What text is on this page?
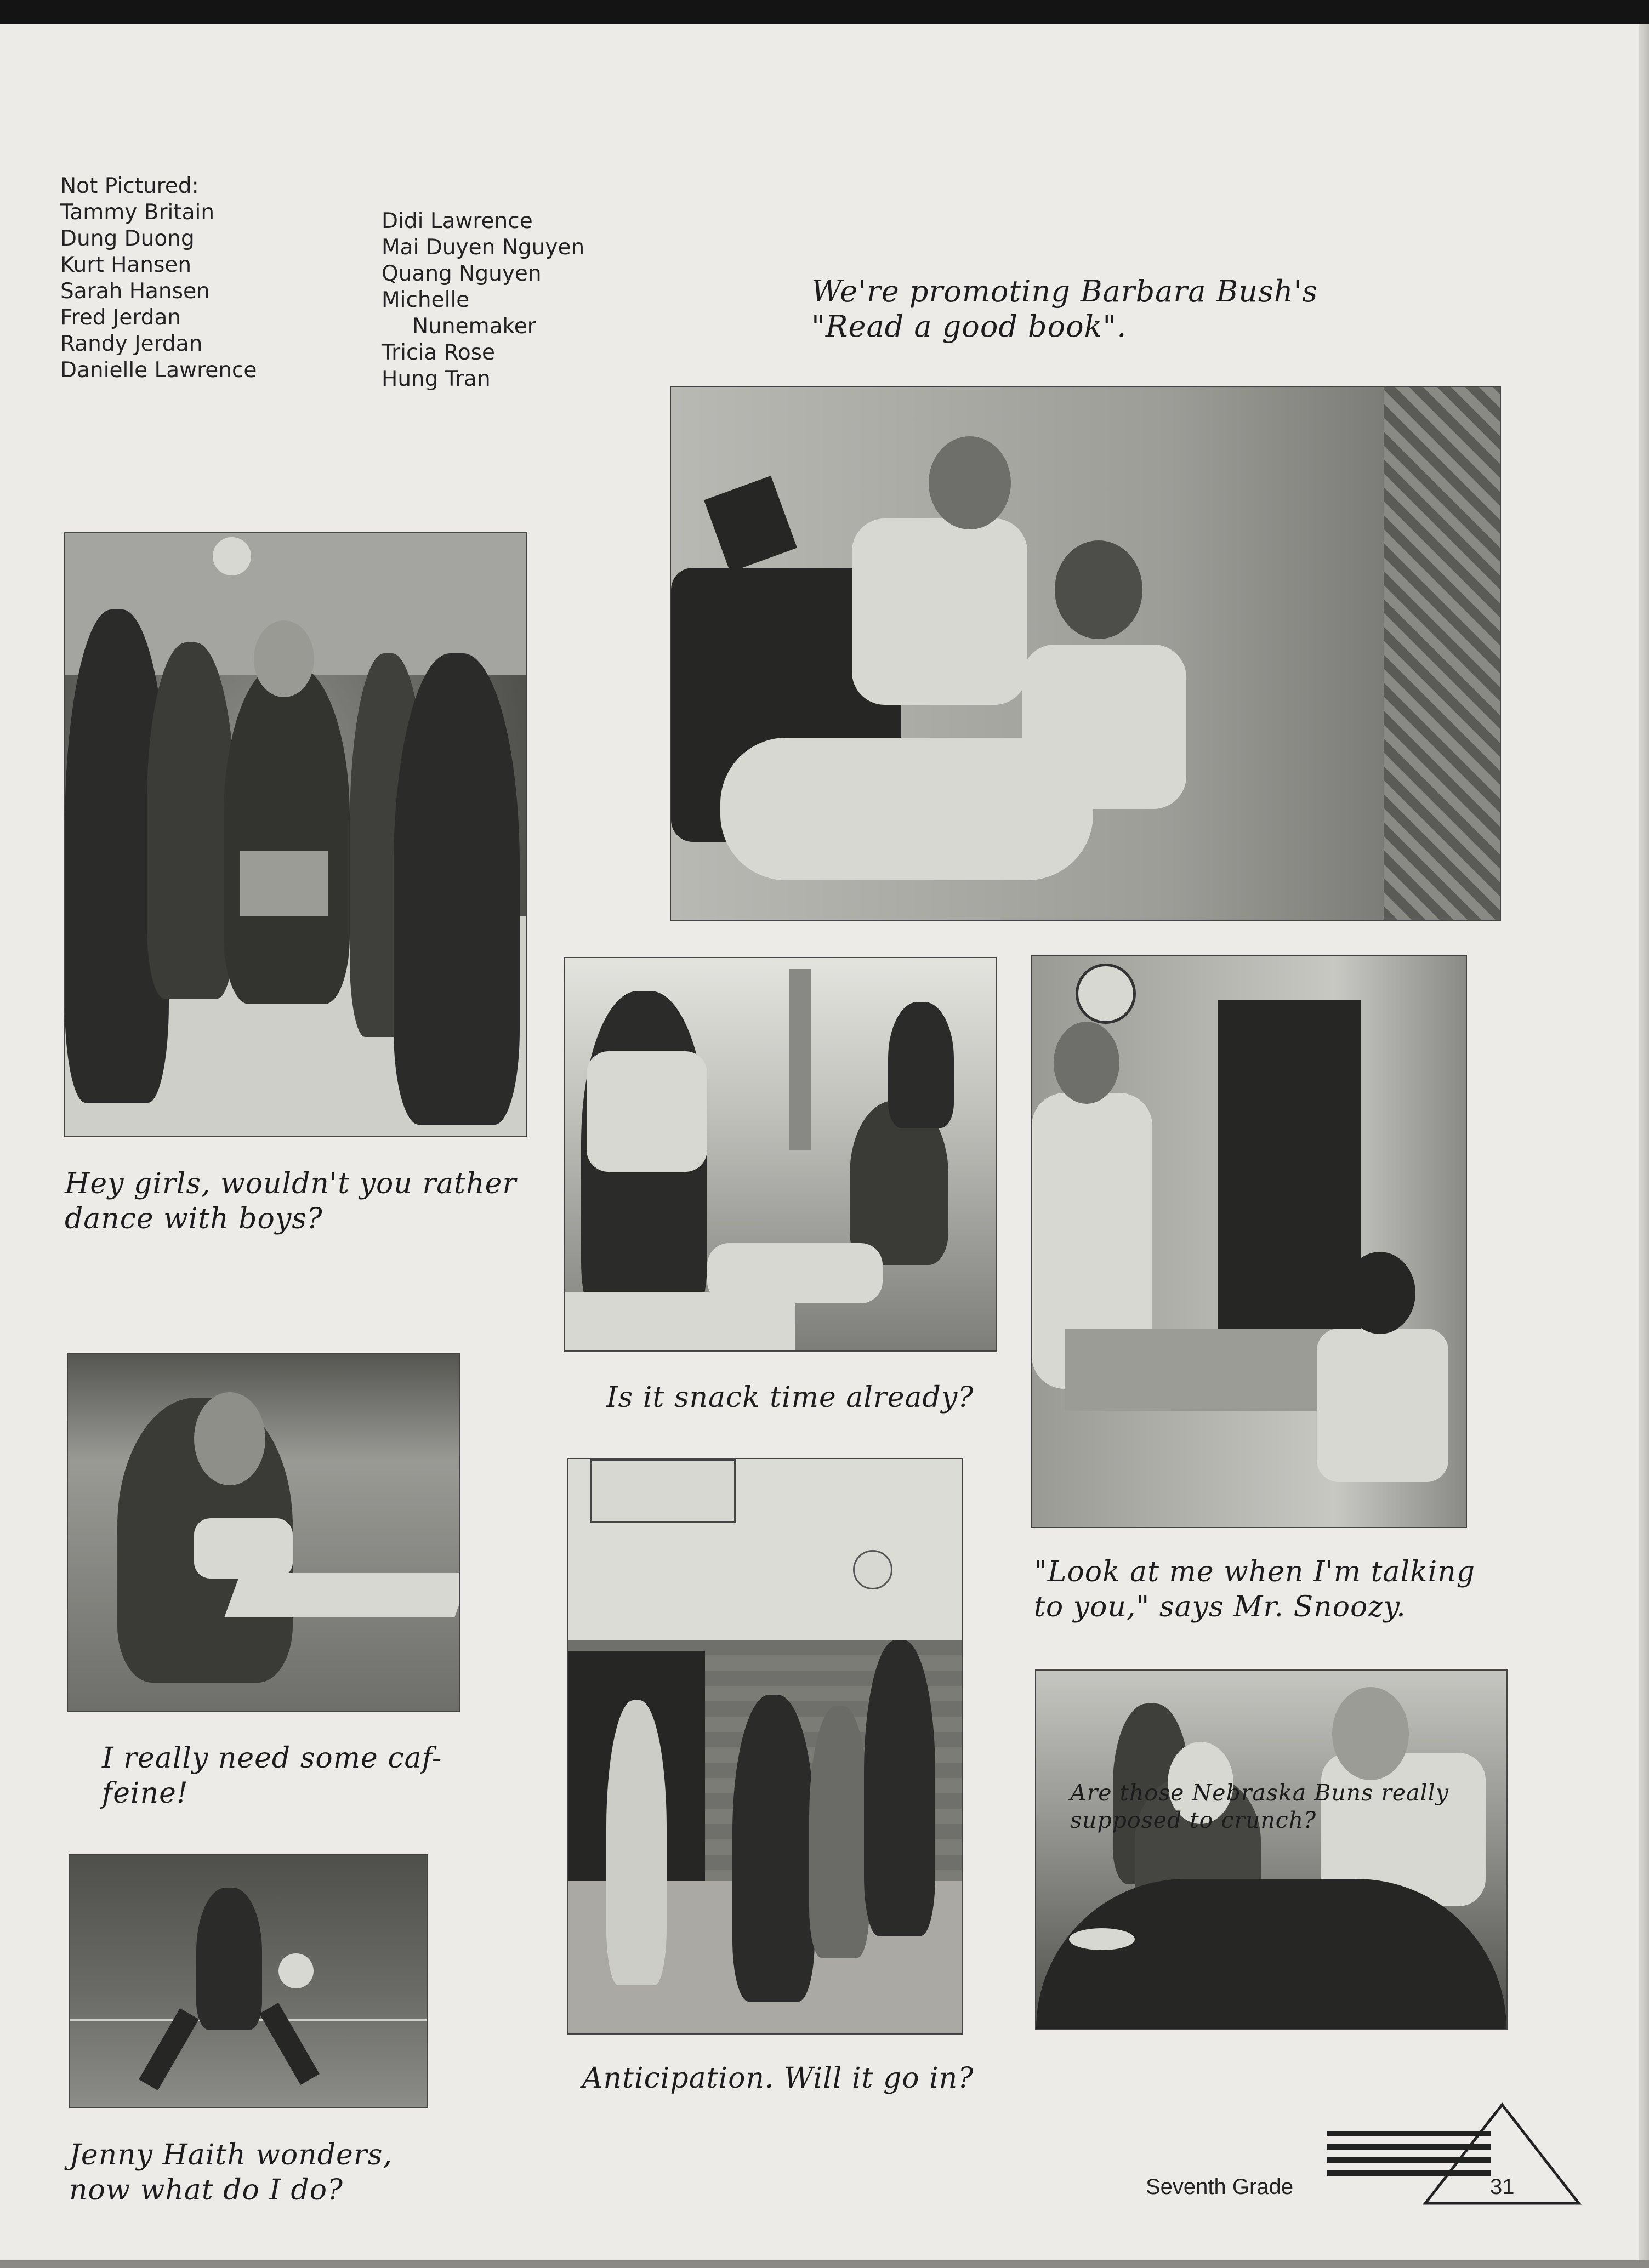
Not Pictured:
Tammy Britain
Dung Duong
Kurt Hansen
Sarah Hansen
Fred Jerdan
Randy Jerdan
Danielle Lawrence
Didi Lawrence
Mai Duyen Nguyen
Quang Nguyen
Michelle
Nunemaker
Tricia Rose
Hung Tran
We're promoting Barbara Bush's
"Read a good book".
Hey girls, wouldn't you rather
dance with boys?
Is it snack time already?
"Look at me when I'm talking
to you," says Mr. Snoozy.
I really need some caf-
feine!
Anticipation. Will it go in?
Are those Nebraska Buns really
supposed to crunch?
Jenny Haith wonders,
now what do I do?	Seventh Grade	31
